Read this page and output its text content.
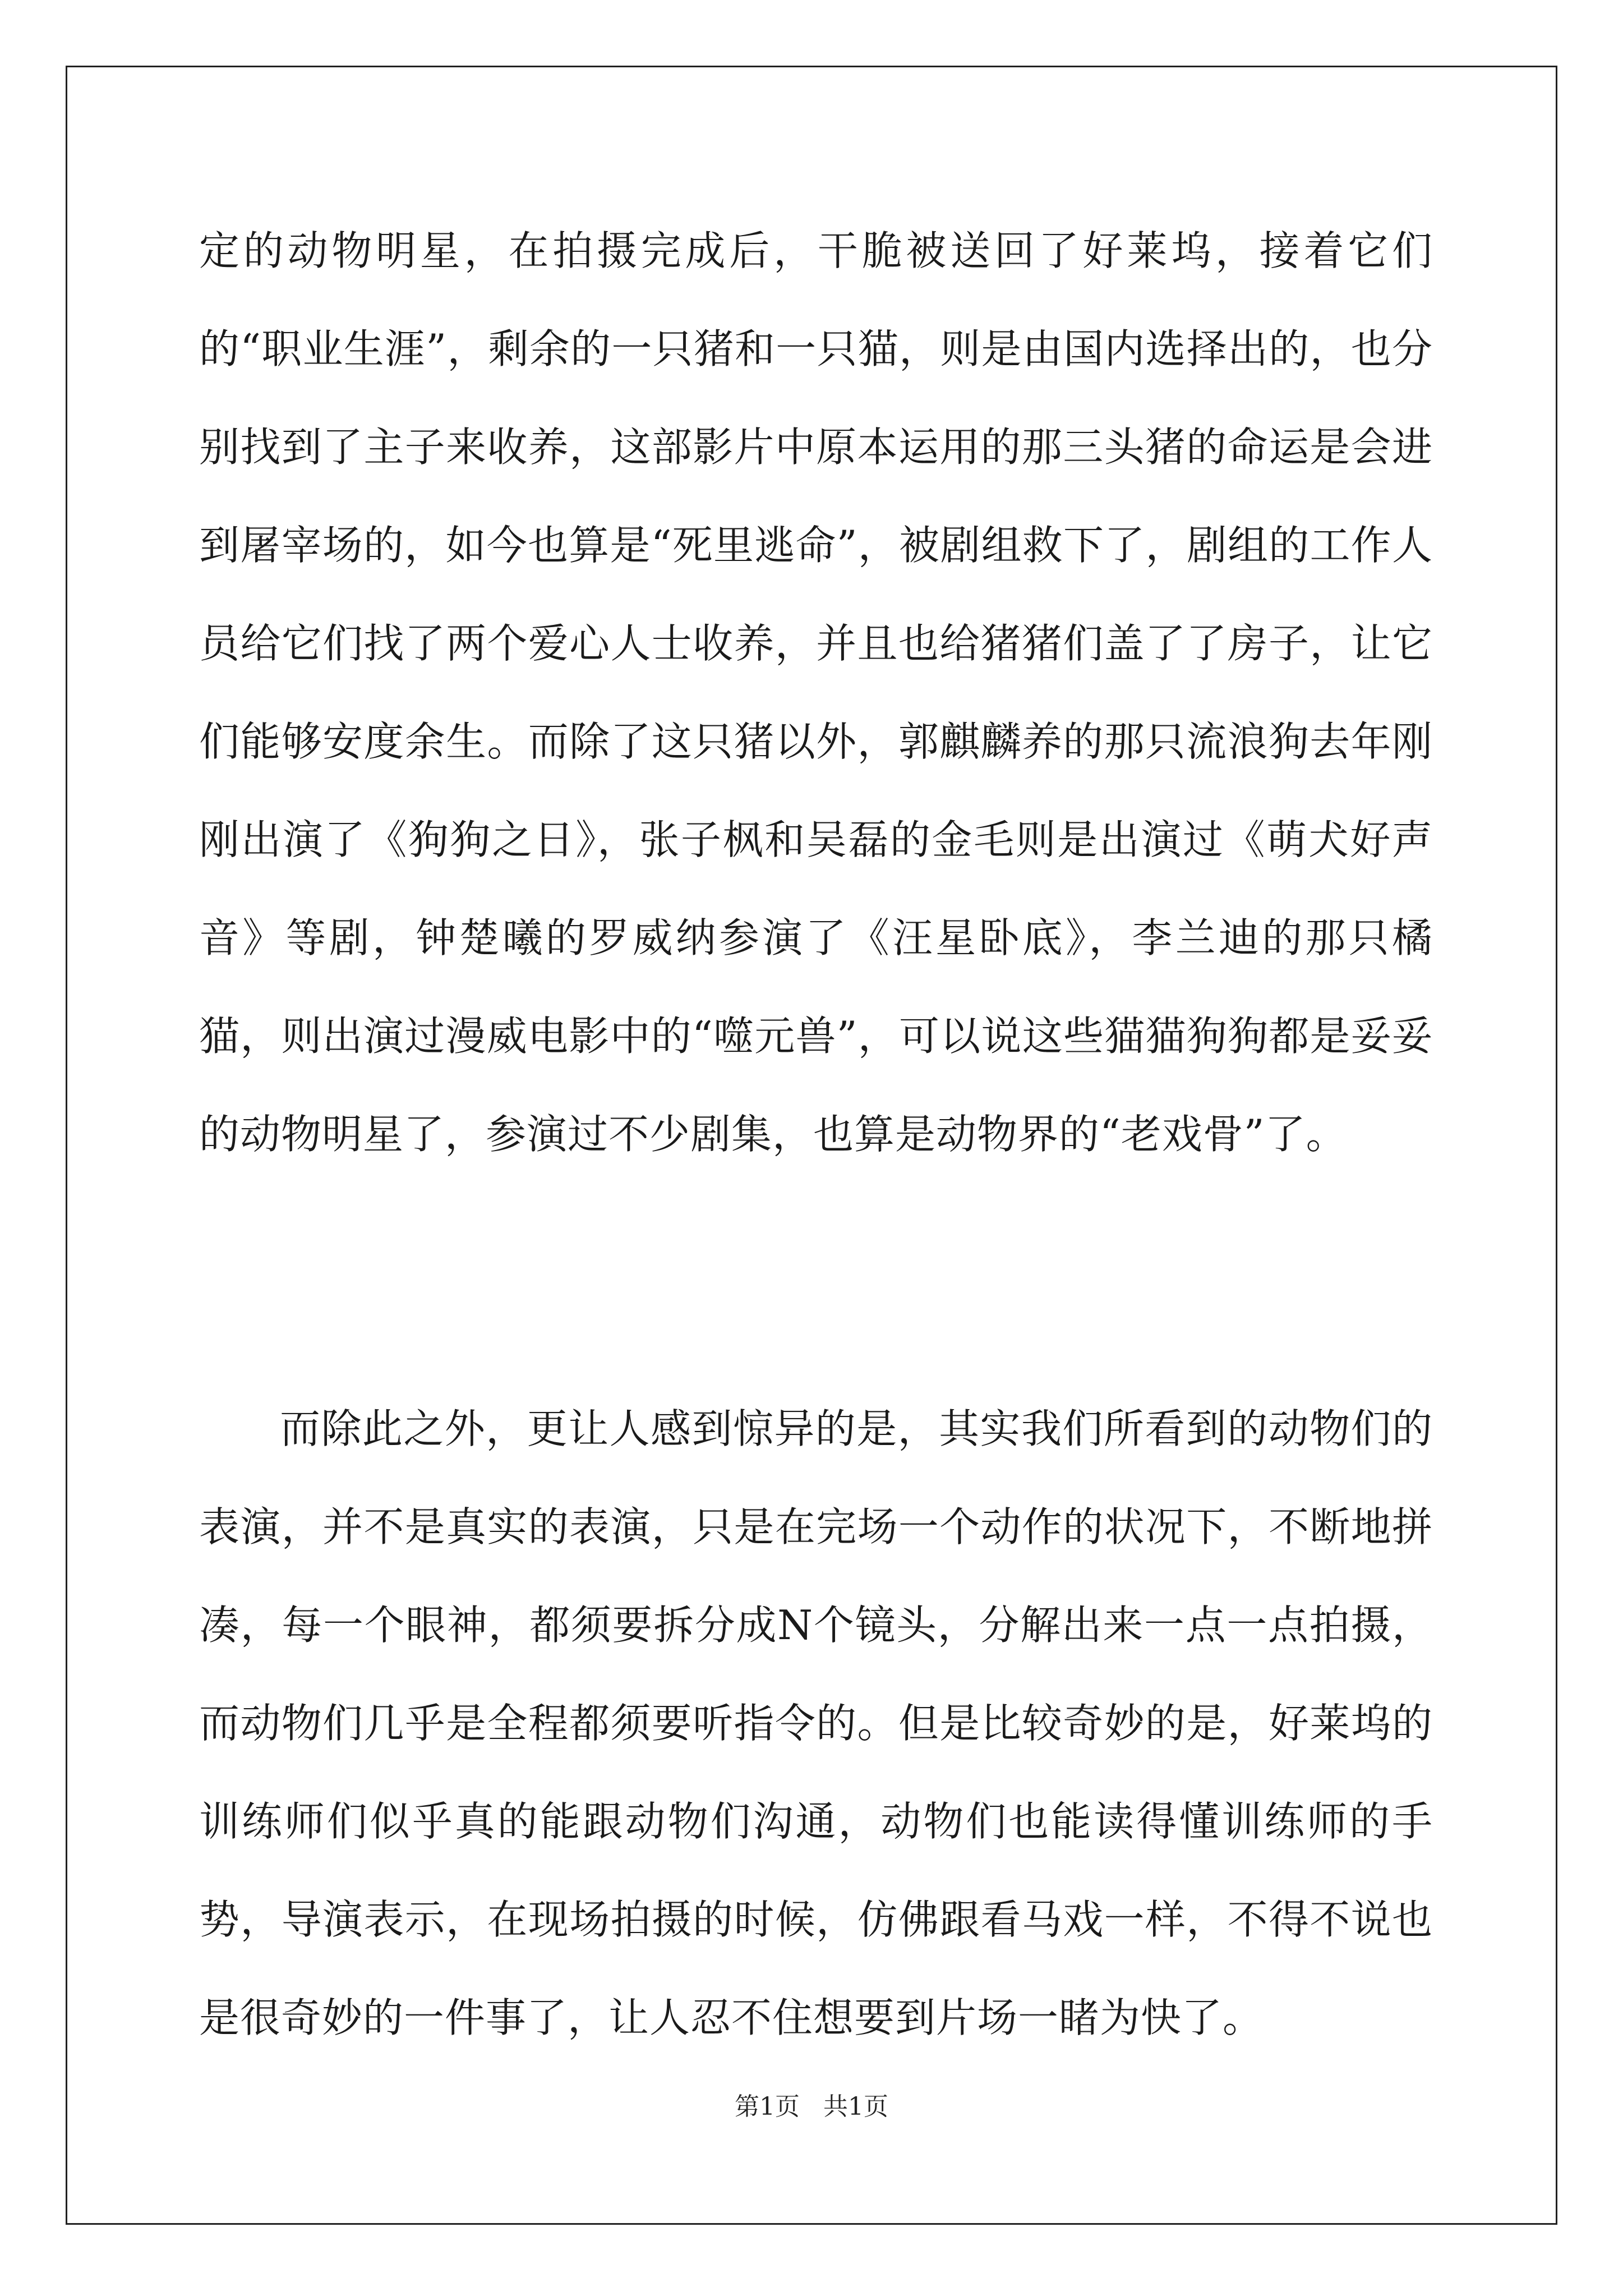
定的动物明星，在拍摄完成后，干脆被送回了好莱坞，接着它们的“职业生涯”，剩余的一只猪和一只猫，则是由国内选择出的，也分别找到了主子来收养，这部影片中原本运用的那三头猪的命运是会进到屠宰场的，如今也算是“死里逃命”，被剧组救下了，剧组的工作人员给它们找了两个爱心人士收养，并且也给猪猪们盖了了房子，让它们能够安度余生。而除了这只猪以外，郭麒麟养的那只流浪狗去年刚刚出演了《狗狗之日》，张子枫和吴磊的金毛则是出演过《萌犬好声音》等剧，钟楚曦的罗威纳参演了《汪星卧底》，李兰迪的那只橘猫，则出演过漫威电影中的“噬元兽”，可以说这些猫猫狗狗都是妥妥的动物明星了，参演过不少剧集，也算是动物界的“老戏骨”了。

而除此之外，更让人感到惊异的是，其实我们所看到的动物们的表演，并不是真实的表演，只是在完场一个动作的状况下，不断地拼凑，每一个眼神，都须要拆分成N个镜头，分解出来一点一点拍摄，而动物们几乎是全程都须要听指令的。但是比较奇妙的是，好莱坞的训练师们似乎真的能跟动物们沟通，动物们也能读得懂训练师的手势，导演表示，在现场拍摄的时候，仿佛跟看马戏一样，不得不说也是很奇妙的一件事了，让人忍不住想要到片场一睹为快了。

第1页   共1页
